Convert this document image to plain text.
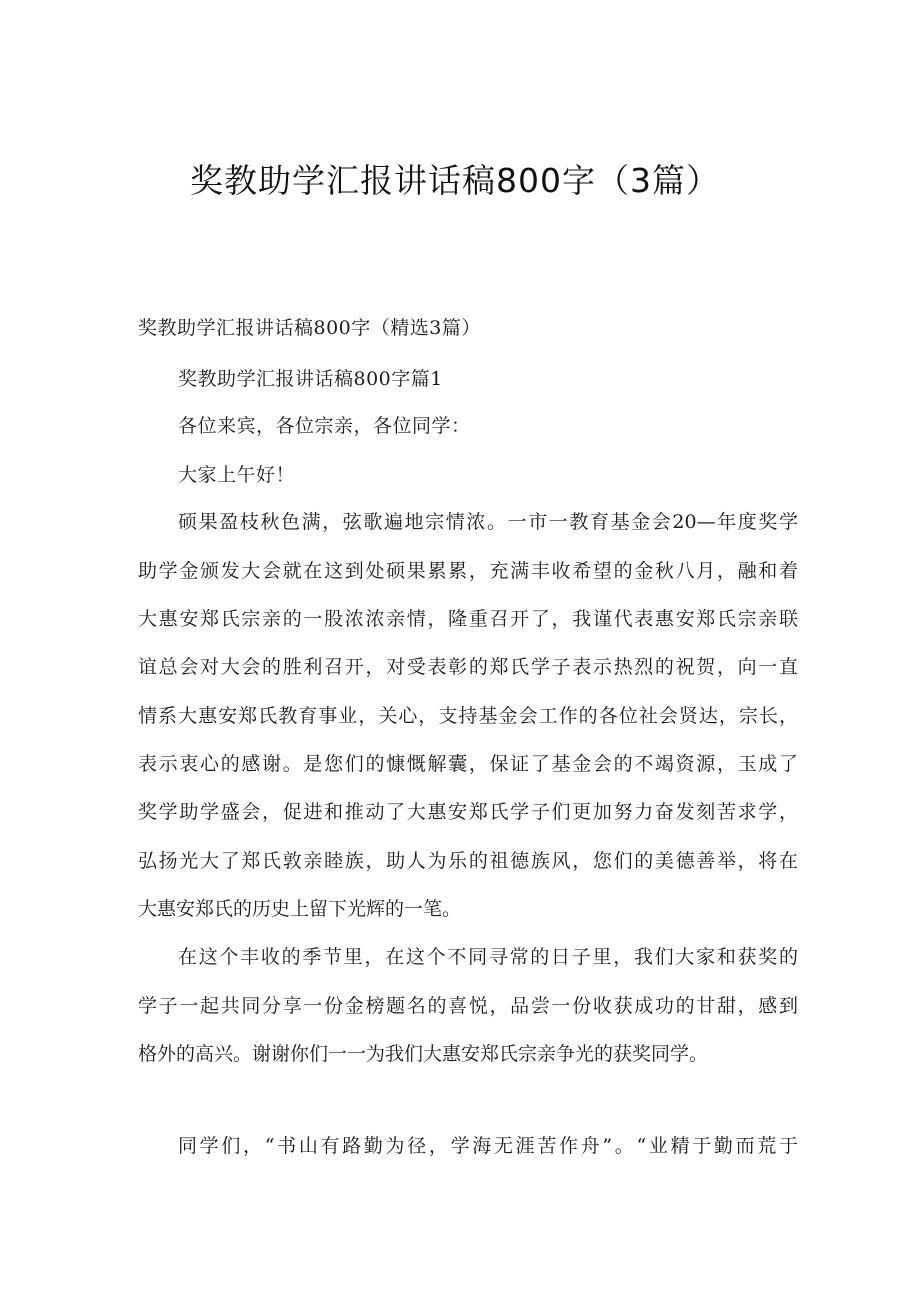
奖教助学汇报讲话稿800字（3篇）
奖教助学汇报讲话稿800字（精选3篇）
奖教助学汇报讲话稿800字篇1
各位来宾，各位宗亲，各位同学：
大家上午好！
硕果盈枝秋色满，弦歌遍地宗情浓。一市一教育基金会20—年度奖学
助学金颁发大会就在这到处硕果累累，充满丰收希望的金秋八月，融和着
大惠安郑氏宗亲的一股浓浓亲情，隆重召开了，我谨代表惠安郑氏宗亲联
谊总会对大会的胜利召开，对受表彰的郑氏学子表示热烈的祝贺，向一直
情系大惠安郑氏教育事业，关心，支持基金会工作的各位社会贤达，宗长，
表示衷心的感谢。是您们的慷慨解囊，保证了基金会的不竭资源，玉成了
奖学助学盛会，促进和推动了大惠安郑氏学子们更加努力奋发刻苦求学，
弘扬光大了郑氏敦亲睦族，助人为乐的祖德族风，您们的美德善举，将在
大惠安郑氏的历史上留下光辉的一笔。
在这个丰收的季节里，在这个不同寻常的日子里，我们大家和获奖的
学子一起共同分享一份金榜题名的喜悦，品尝一份收获成功的甘甜，感到
格外的高兴。谢谢你们一一为我们大惠安郑氏宗亲争光的获奖同学。
同学们，“书山有路勤为径，学海无涯苦作舟”。“业精于勤而荒于
